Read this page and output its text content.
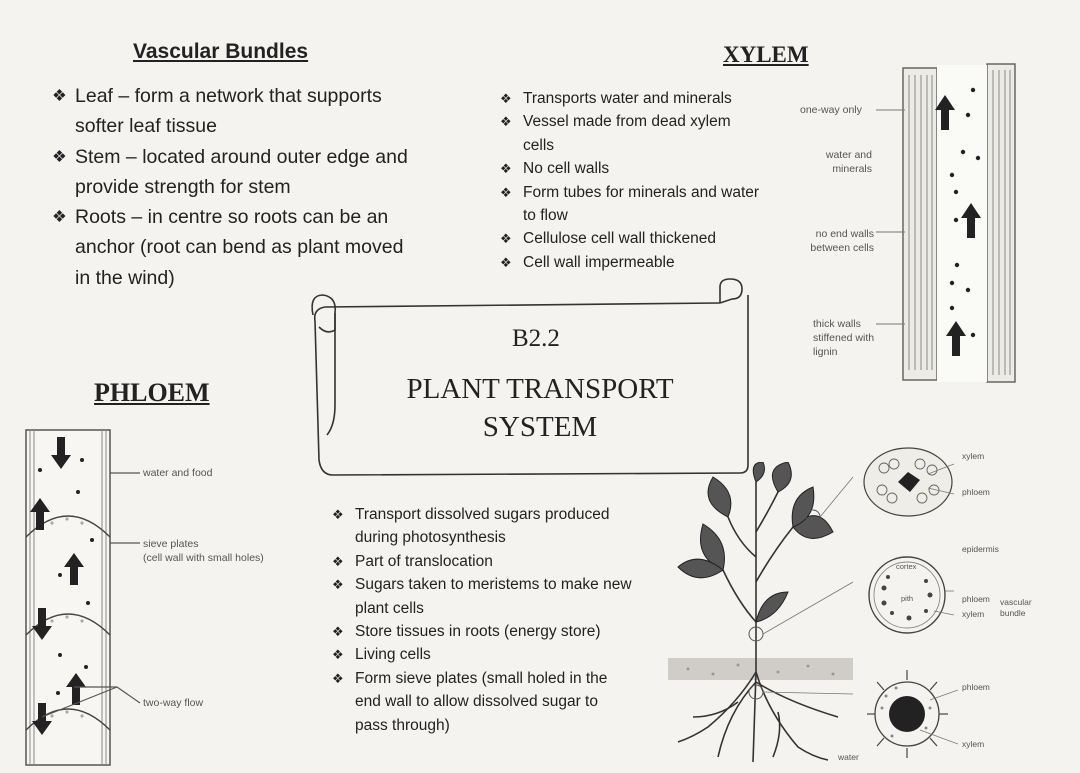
Vascular Bundles
❖ Leaf – form a network that supports softer leaf tissue
❖ Stem – located around outer edge and provide strength for stem
❖ Roots – in centre so roots can be an anchor (root can bend as plant moved in the wind)
XYLEM
❖ Transports water and minerals
❖ Vessel made from dead xylem cells
❖ No cell walls
❖ Form tubes for minerals and water to flow
❖ Cellulose cell wall thickened
❖ Cell wall impermeable
one-way only
water and minerals
no end walls between cells
thick walls stiffened with lignin
B2.2
PLANT TRANSPORT
SYSTEM
PHLOEM
❖ Transport dissolved sugars produced during photosynthesis
❖ Part of translocation
❖ Sugars taken to meristems to make new plant cells
❖ Store tissues in roots (energy store)
❖ Living cells
❖ Form sieve plates (small holed in the end wall to allow dissolved sugar to pass through)
water and food
sieve plates
(cell wall with small holes)
two-way flow
xylem
phloem
epidermis
cortex
pith	phloem
xylem
vascular bundle
phloem
xylem
water
